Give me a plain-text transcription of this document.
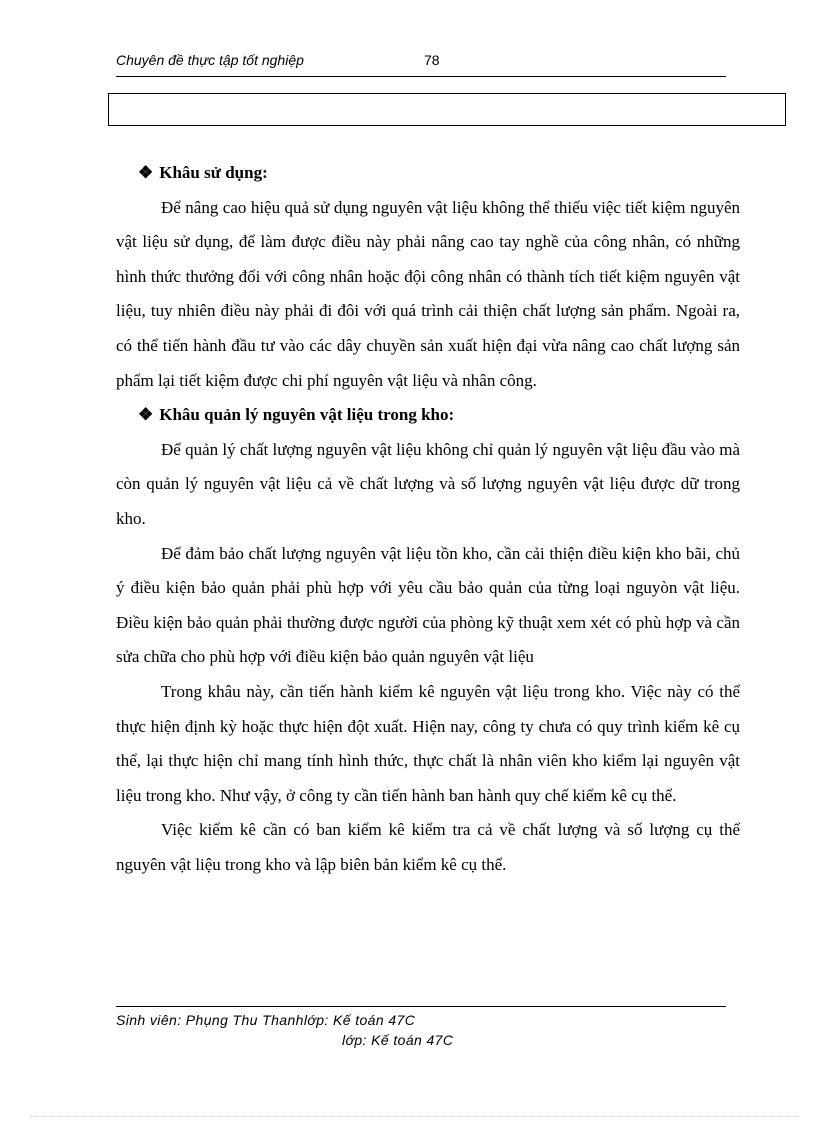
Chuyên đề thực tập tốt nghiệp	78
❖ Khâu sử dụng:

Để nâng cao hiệu quả sử dụng nguyên vật liệu không thể thiếu việc tiết kiệm nguyên vật liệu sử dụng, để làm được điều này phải nâng cao tay nghề của công nhân, có những hình thức thưởng đối với công nhân hoặc đội công nhân có thành tích tiết kiệm nguyên vật liệu, tuy nhiên điều này phải đi đôi với quá trình cải thiện chất lượng sản phẩm. Ngoài ra, có thể tiến hành đầu tư vào các dây chuyền sản xuất hiện đại vừa nâng cao chất lượng sản phẩm lại tiết kiệm được chi phí nguyên vật liệu và nhân công.

❖ Khâu quản lý nguyên vật liệu trong kho:

Để quản lý chất lượng nguyên vật liệu không chỉ quản lý nguyên vật liệu đầu vào mà còn quản lý nguyên vật liệu cả về chất lượng và số lượng nguyên vật liệu được dữ trong kho.

Để đảm bảo chất lượng nguyên vật liệu tồn kho, cần cải thiện điều kiện kho bãi, chủ ý điều kiện bảo quản phải phù hợp với yêu cầu bảo quản của từng loại nguyòn vật liệu. Điều kiện bảo quản phải thường được người của phòng kỹ thuật xem xét có phù hợp và cần sửa chữa cho phù hợp với điều kiện bảo quản nguyên vật liệu

Trong khâu này, cần tiến hành kiểm kê nguyên vật liệu trong kho. Việc này có thể thực hiện định kỳ hoặc thực hiện đột xuất. Hiện nay, công ty chưa có quy trình kiểm kê cụ thể, lại thực hiện chỉ mang tính hình thức, thực chất là nhân viên kho kiểm lại nguyên vật liệu trong kho. Như vậy, ở công ty cần tiến hành ban hành quy chế kiểm kê cụ thể.

Việc kiểm kê cần có ban kiểm kê kiểm tra cả về chất lượng và số lượng cụ thể nguyên vật liệu trong kho và lập biên bản kiểm kê cụ thể.

Sinh viên: Phụng Thu Thanhlớp: Kế toán 47C
lớp: Kế toán 47C
